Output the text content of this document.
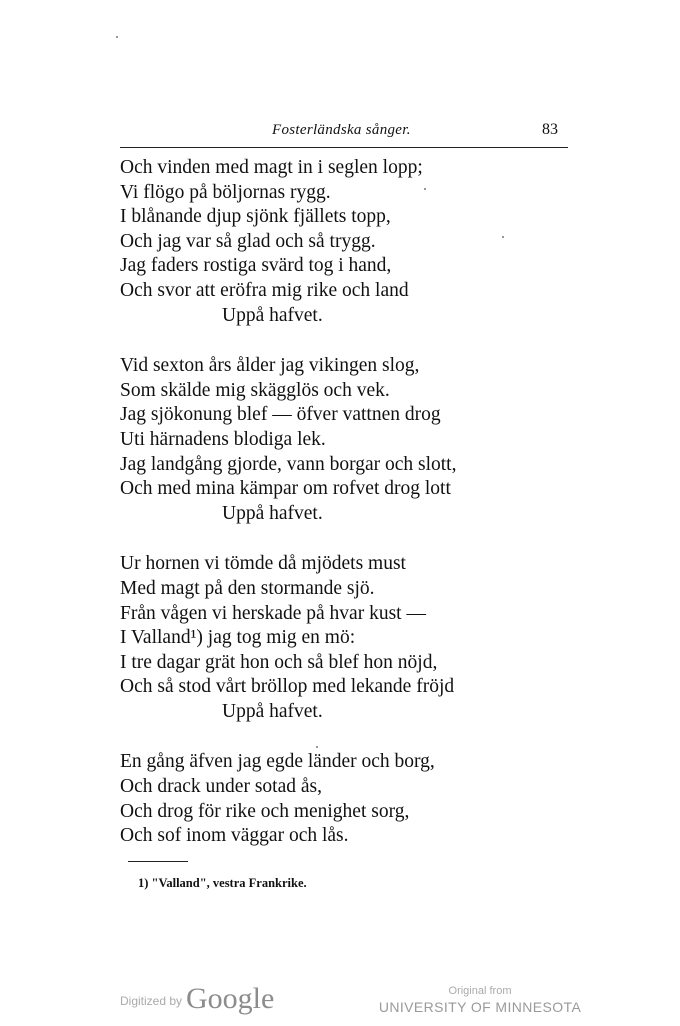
Fosterländska sånger.	83
Och vinden med magt in i seglen lopp;
Vi flögo på böljornas rygg.
I blånande djup sjönk fjällets topp,
Och jag var så glad och så trygg.
Jag faders rostiga svärd tog i hand,
Och svor att eröfra mig rike och land
Uppå hafvet.
Vid sexton års ålder jag vikingen slog,
Som skälde mig skägglös och vek.
Jag sjökonung blef — öfver vattnen drog
Uti härnadens blodiga lek.
Jag landgång gjorde, vann borgar och slott,
Och med mina kämpar om rofvet drog lott
Uppå hafvet.
Ur hornen vi tömde då mjödets must
Med magt på den stormande sjö.
Från vågen vi herskade på hvar kust —
I Valland¹) jag tog mig en mö:
I tre dagar grät hon och så blef hon nöjd,
Och så stod vårt bröllop med lekande fröjd
Uppå hafvet.
En gång äfven jag egde länder och borg,
Och drack under sotad ås,
Och drog för rike och menighet sorg,
Och sof inom väggar och lås.
1) "Valland", vestra Frankrike.
Digitized by Google	Original from
UNIVERSITY OF MINNESOTA
